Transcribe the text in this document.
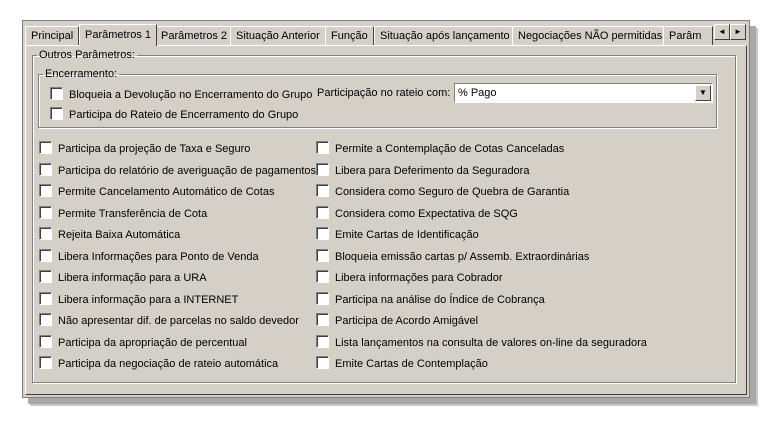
Principal	Parâmetros 1 Parâmetros 2 Situação Anterior	Função	Situação após lançamento Negociações NÃO permitidas Parâm	◄	►
Outros Parâmetros:
Encerramento:
Bloqueia a Devolução no Encerramento do Grupo
Participa do Rateio de Encerramento do Grupo
Participação no rateio com: % Pago	▼
Participa da projeção de Taxa e Seguro
Participa do relatório de averiguação de pagamentos
Permite Cancelamento Automático de Cotas
Permite Transferência de Cota
Rejeita Baixa Automática
Libera Informações para Ponto de Venda
Libera informação para a URA
Libera informação para a INTERNET
Não apresentar dif. de parcelas no saldo devedor
Participa da apropriação de percentual
Participa da negociação de rateio automática
Permite a Contemplação de Cotas Canceladas
Libera para Deferimento da Seguradora
Considera como Seguro de Quebra de Garantia
Considera como Expectativa de SQG
Emite Cartas de Identificação
Bloqueia emissão cartas p/ Assemb. Extraordinárias
Libera informações para Cobrador
Participa na análise do Índice de Cobrança
Participa de Acordo Amigável
Lista lançamentos na consulta de valores on-line da seguradora
Emite Cartas de Contemplação
